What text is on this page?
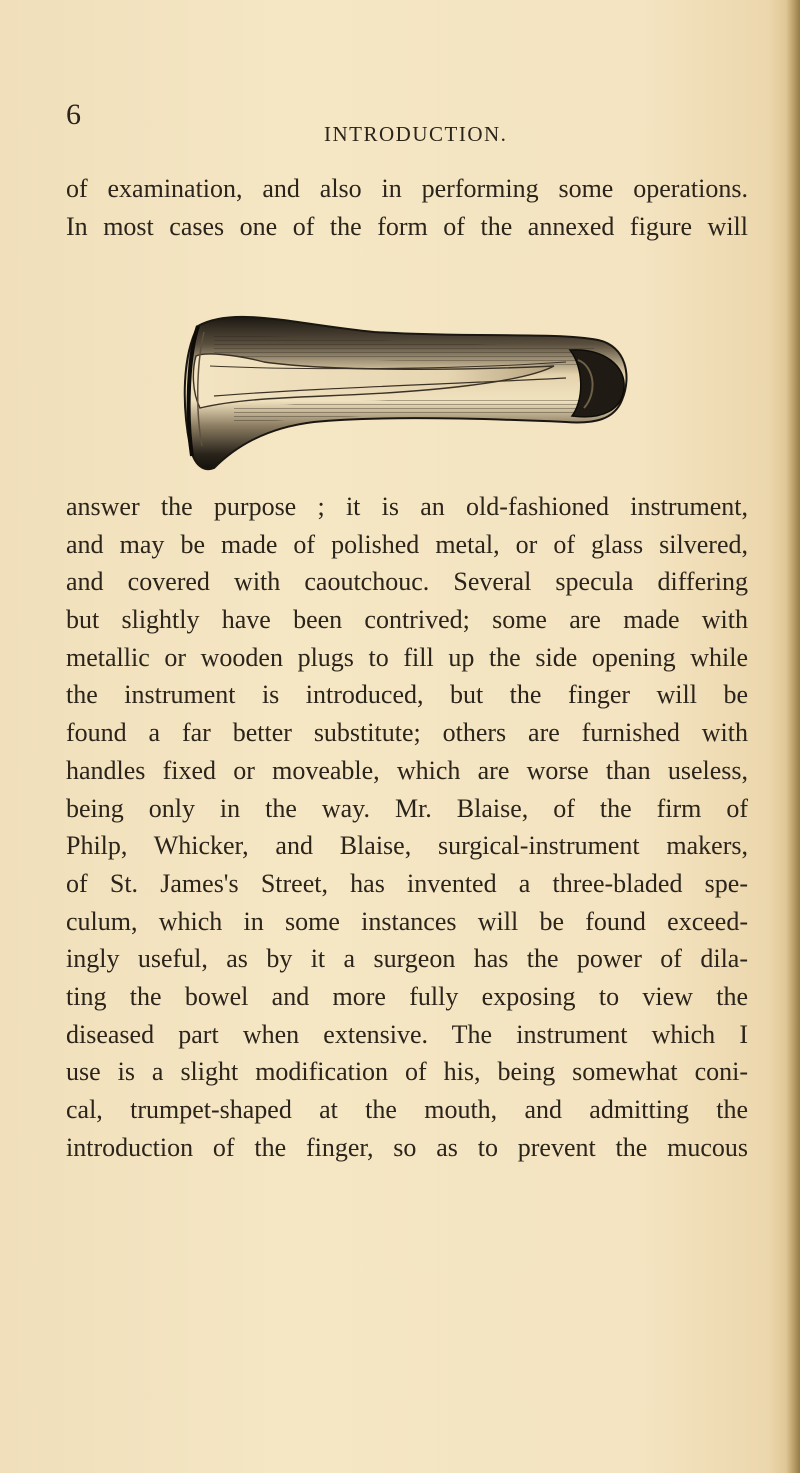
6
INTRODUCTION.
of examination, and also in performing some operations.
In most cases one of the form of the annexed figure will
answer the purpose ; it is an old-fashioned instrument,
and may be made of polished metal, or of glass silvered,
and covered with caoutchouc. Several specula differing
but slightly have been contrived; some are made with
metallic or wooden plugs to fill up the side opening while
the instrument is introduced, but the finger will be
found a far better substitute; others are furnished with
handles fixed or moveable, which are worse than useless,
being only in the way. Mr. Blaise, of the firm of
Philp, Whicker, and Blaise, surgical-instrument makers,
of St. James's Street, has invented a three-bladed spe-
culum, which in some instances will be found exceed-
ingly useful, as by it a surgeon has the power of dila-
ting the bowel and more fully exposing to view the
diseased part when extensive. The instrument which I
use is a slight modification of his, being somewhat coni-
cal, trumpet-shaped at the mouth, and admitting the
introduction of the finger, so as to prevent the mucous
